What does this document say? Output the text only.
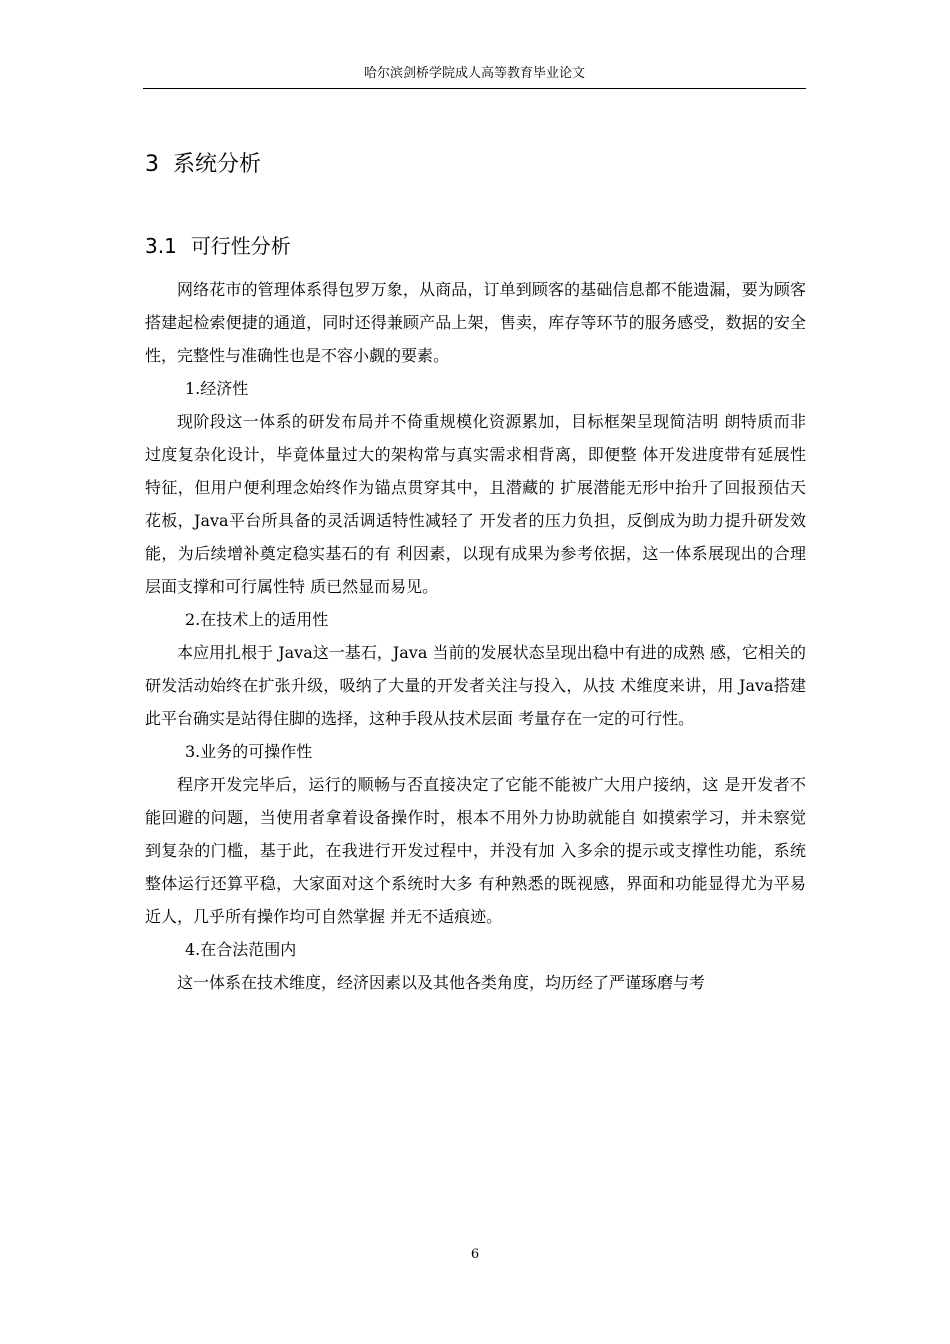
哈尔滨剑桥学院成人高等教育毕业论文
3 系统分析
3.1 可行性分析

网络花市的管理体系得包罗万象，从商品，订单到顾客的基础信息都不能遗漏，要为顾客搭建起检索便捷的通道，同时还得兼顾产品上架，售卖，库存等环节的服务感受，数据的安全性，完整性与准确性也是不容小觑的要素。

1.经济性

现阶段这一体系的研发布局并不倚重规模化资源累加，目标框架呈现简洁明 朗特质而非过度复杂化设计，毕竟体量过大的架构常与真实需求相背离，即便整 体开发进度带有延展性特征，但用户便利理念始终作为锚点贯穿其中，且潜藏的 扩展潜能无形中抬升了回报预估天花板，Java平台所具备的灵活调适特性减轻了 开发者的压力负担，反倒成为助力提升研发效能，为后续增补奠定稳实基石的有 利因素，以现有成果为参考依据，这一体系展现出的合理层面支撑和可行属性特 质已然显而易见。

2.在技术上的适用性

本应用扎根于 Java这一基石，Java 当前的发展状态呈现出稳中有进的成熟 感，它相关的研发活动始终在扩张升级，吸纳了大量的开发者关注与投入，从技 术维度来讲，用 Java搭建此平台确实是站得住脚的选择，这种手段从技术层面 考量存在一定的可行性。

3.业务的可操作性

程序开发完毕后，运行的顺畅与否直接决定了它能不能被广大用户接纳，这 是开发者不能回避的问题，当使用者拿着设备操作时，根本不用外力协助就能自 如摸索学习，并未察觉到复杂的门槛，基于此，在我进行开发过程中，并没有加 入多余的提示或支撑性功能，系统整体运行还算平稳，大家面对这个系统时大多 有种熟悉的既视感，界面和功能显得尤为平易近人，几乎所有操作均可自然掌握 并无不适痕迹。

4.在合法范围内

这一体系在技术维度，经济因素以及其他各类角度，均历经了严谨琢磨与考

6
